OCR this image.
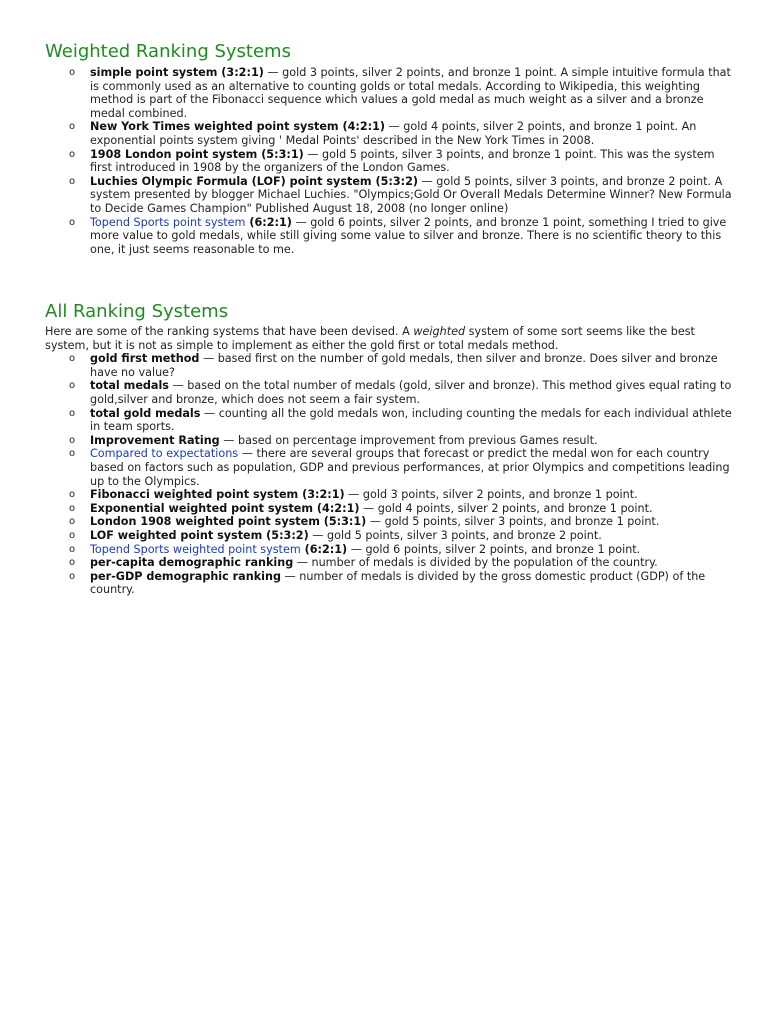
Weighted Ranking Systems
o simple point system (3:2:1) — gold 3 points, silver 2 points, and bronze 1 point. A simple intuitive formula that is commonly used as an alternative to counting golds or total medals. According to Wikipedia, this weighting method is part of the Fibonacci sequence which values a gold medal as much weight as a silver and a bronze medal combined.
o New York Times weighted point system (4:2:1) — gold 4 points, silver 2 points, and bronze 1 point. An exponential points system giving ' Medal Points' described in the New York Times in 2008.
o 1908 London point system (5:3:1) — gold 5 points, silver 3 points, and bronze 1 point. This was the system first introduced in 1908 by the organizers of the London Games.
o Luchies Olympic Formula (LOF) point system (5:3:2) — gold 5 points, silver 3 points, and bronze 2 point. A system presented by blogger Michael Luchies. "Olympics;Gold Or Overall Medals Determine Winner? New Formula to Decide Games Champion" Published August 18, 2008 (no longer online)
o Topend Sports point system (6:2:1) — gold 6 points, silver 2 points, and bronze 1 point, something I tried to give more value to gold medals, while still giving some value to silver and bronze. There is no scientific theory to this one, it just seems reasonable to me.
All Ranking Systems

Here are some of the ranking systems that have been devised. A weighted system of some sort seems like the best system, but it is not as simple to implement as either the gold first or total medals method.

o gold first method — based first on the number of gold medals, then silver and bronze. Does silver and bronze have no value?
o total medals — based on the total number of medals (gold, silver and bronze). This method gives equal rating to gold,silver and bronze, which does not seem a fair system.
o total gold medals — counting all the gold medals won, including counting the medals for each individual athlete in team sports.
o Improvement Rating — based on percentage improvement from previous Games result.
o Compared to expectations — there are several groups that forecast or predict the medal won for each country based on factors such as population, GDP and previous performances, at prior Olympics and competitions leading up to the Olympics.
o Fibonacci weighted point system (3:2:1) — gold 3 points, silver 2 points, and bronze 1 point.
o Exponential weighted point system (4:2:1) — gold 4 points, silver 2 points, and bronze 1 point.
o London 1908 weighted point system (5:3:1) — gold 5 points, silver 3 points, and bronze 1 point.
o LOF weighted point system (5:3:2) — gold 5 points, silver 3 points, and bronze 2 point.
o Topend Sports weighted point system (6:2:1) — gold 6 points, silver 2 points, and bronze 1 point.
o per-capita demographic ranking — number of medals is divided by the population of the country.
o per-GDP demographic ranking — number of medals is divided by the gross domestic product (GDP) of the country.
